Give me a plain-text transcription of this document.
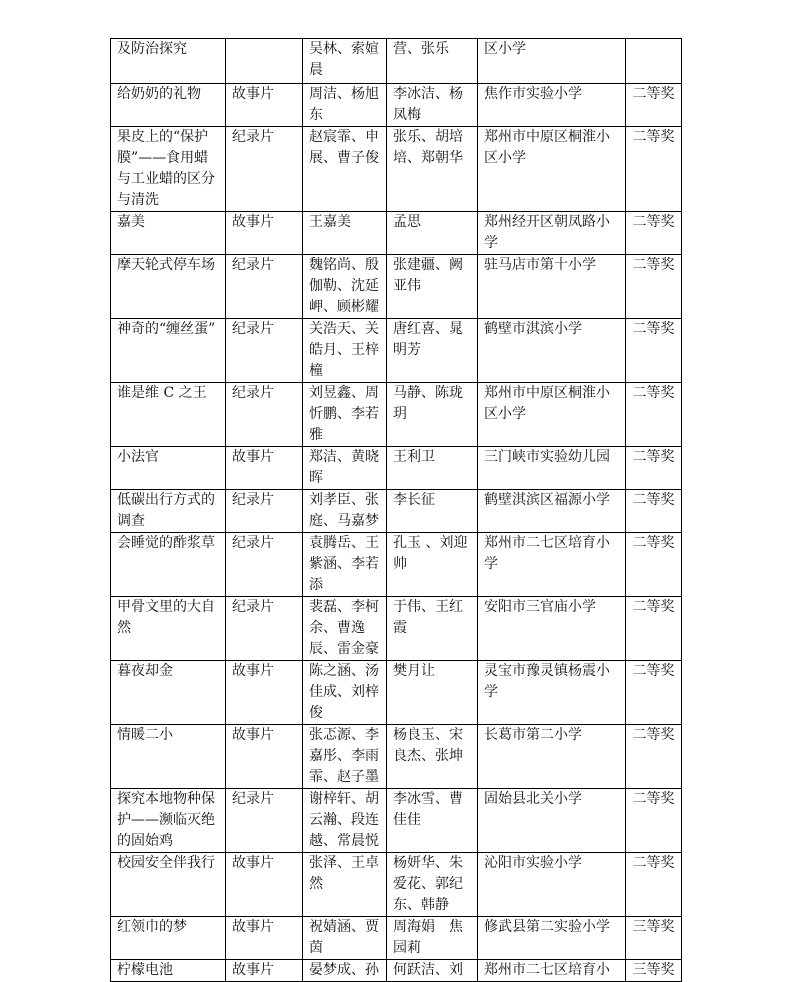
及防治探究		吴林、索媗晨	营、张乐	区小学	
给奶奶的礼物	故事片	周洁、杨旭东	李冰洁、杨凤梅	焦作市实验小学	二等奖
果皮上的“保护膜”——食用蜡与工业蜡的区分与清洗	纪录片	赵宸霏、申展、曹子俊	张乐、胡培培、郑朝华	郑州市中原区桐淮小区小学	二等奖
嘉美	故事片	王嘉美	孟思	郑州经开区朝凤路小学	二等奖
摩天轮式停车场	纪录片	魏铭尚、殷伽勒、沈延岬、顾彬耀	张建疆、阙亚伟	驻马店市第十小学	二等奖
神奇的“缠丝蛋”	纪录片	关浩天、关皓月、王梓橦	唐红喜、晁明芳	鹤壁市淇滨小学	二等奖
谁是维 C 之王	纪录片	刘昱鑫、周忻鹏、李若雅	马静、陈珑玥	郑州市中原区桐淮小区小学	二等奖
小法官	故事片	郑洁、黄晓晖	王利卫	三门峡市实验幼儿园	二等奖
低碳出行方式的调查	纪录片	刘孝臣、张庭、马嘉梦	李长征	鹤壁淇滨区福源小学	二等奖
会睡觉的酢浆草	纪录片	袁腾岳、王紫涵、李若添	孔玉 、刘迎帅	郑州市二七区培育小学	二等奖
甲骨文里的大自然	纪录片	裴磊、李柯余、曹逸辰、雷金豪	于伟、王红霞	安阳市三官庙小学	二等奖
暮夜却金	故事片	陈之涵、汤佳成、刘梓俊	樊月让	灵宝市豫灵镇杨震小学	二等奖
情暖二小	故事片	张忑源、李嘉彤、李雨霏、赵子墨	杨良玉、宋良杰、张坤	长葛市第二小学	二等奖
探究本地物种保护——濒临灭绝的固始鸡	纪录片	谢梓轩、胡云瀚、段连越、常晨悦	李冰雪、曹佳佳	固始县北关小学	二等奖
校园安全伴我行	故事片	张泽、王卓然	杨妍华、朱爱花、郭纪东、韩静	沁阳市实验小学	二等奖
红领巾的梦	故事片	祝婧涵、贾茵	周海娟　焦园莉	修武县第二实验小学	三等奖
柠檬电池	故事片	晏梦成、孙	何跃洁、刘	郑州市二七区培育小	三等奖
